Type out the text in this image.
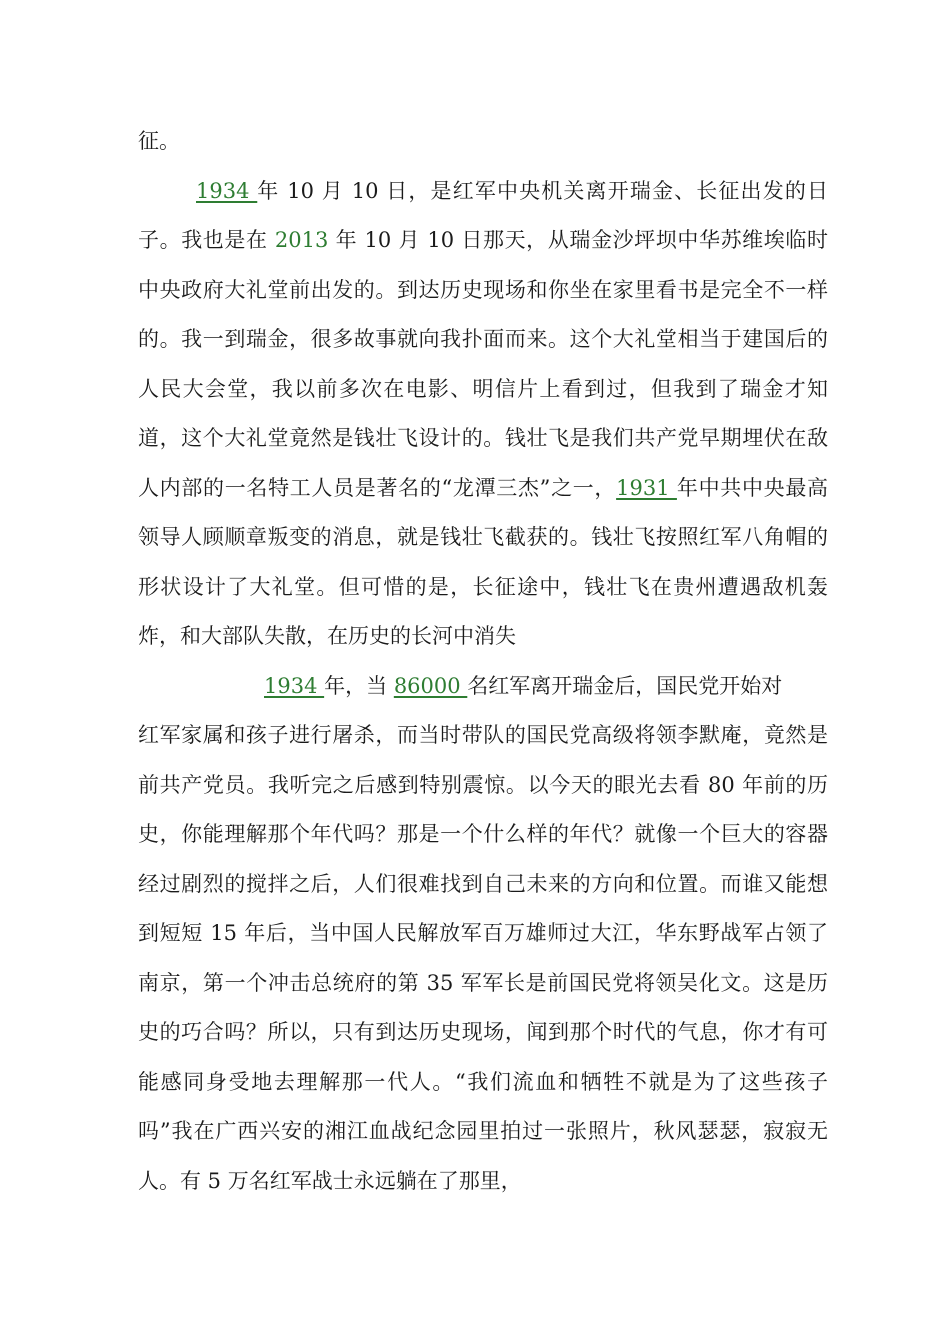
征。

1934 年 10 月 10 日，是红军中央机关离开瑞金、长征出发的日子。我也是在 2013 年 10 月 10 日那天，从瑞金沙坪坝中华苏维埃临时中央政府大礼堂前出发的。到达历史现场和你坐在家里看书是完全不一样的。我一到瑞金，很多故事就向我扑面而来。这个大礼堂相当于建国后的人民大会堂，我以前多次在电影、明信片上看到过，但我到了瑞金才知道，这个大礼堂竟然是钱壮飞设计的。钱壮飞是我们共产党早期埋伏在敌人内部的一名特工人员是著名的“龙潭三杰”之一，1931 年中共中央最高领导人顾顺章叛变的消息，就是钱壮飞截获的。钱壮飞按照红军八角帽的形状设计了大礼堂。但可惜的是，长征途中，钱壮飞在贵州遭遇敌机轰炸，和大部队失散，在历史的长河中消失

1934 年，当 86000 名红军离开瑞金后，国民党开始对

红军家属和孩子进行屠杀，而当时带队的国民党高级将领李默庵，竟然是前共产党员。我听完之后感到特别震惊。以今天的眼光去看 80 年前的历史，你能理解那个年代吗？那是一个什么样的年代？就像一个巨大的容器经过剧烈的搅拌之后，人们很难找到自己未来的方向和位置。而谁又能想到短短 15 年后，当中国人民解放军百万雄师过大江，华东野战军占领了南京，第一个冲击总统府的第 35 军军长是前国民党将领吴化文。这是历史的巧合吗？所以，只有到达历史现场，闻到那个时代的气息，你才有可能感同身受地去理解那一代人。“我们流血和牺牲不就是为了这些孩子吗”我在广西兴安的湘江血战纪念园里拍过一张照片，秋风瑟瑟，寂寂无人。有 5 万名红军战士永远躺在了那里，
